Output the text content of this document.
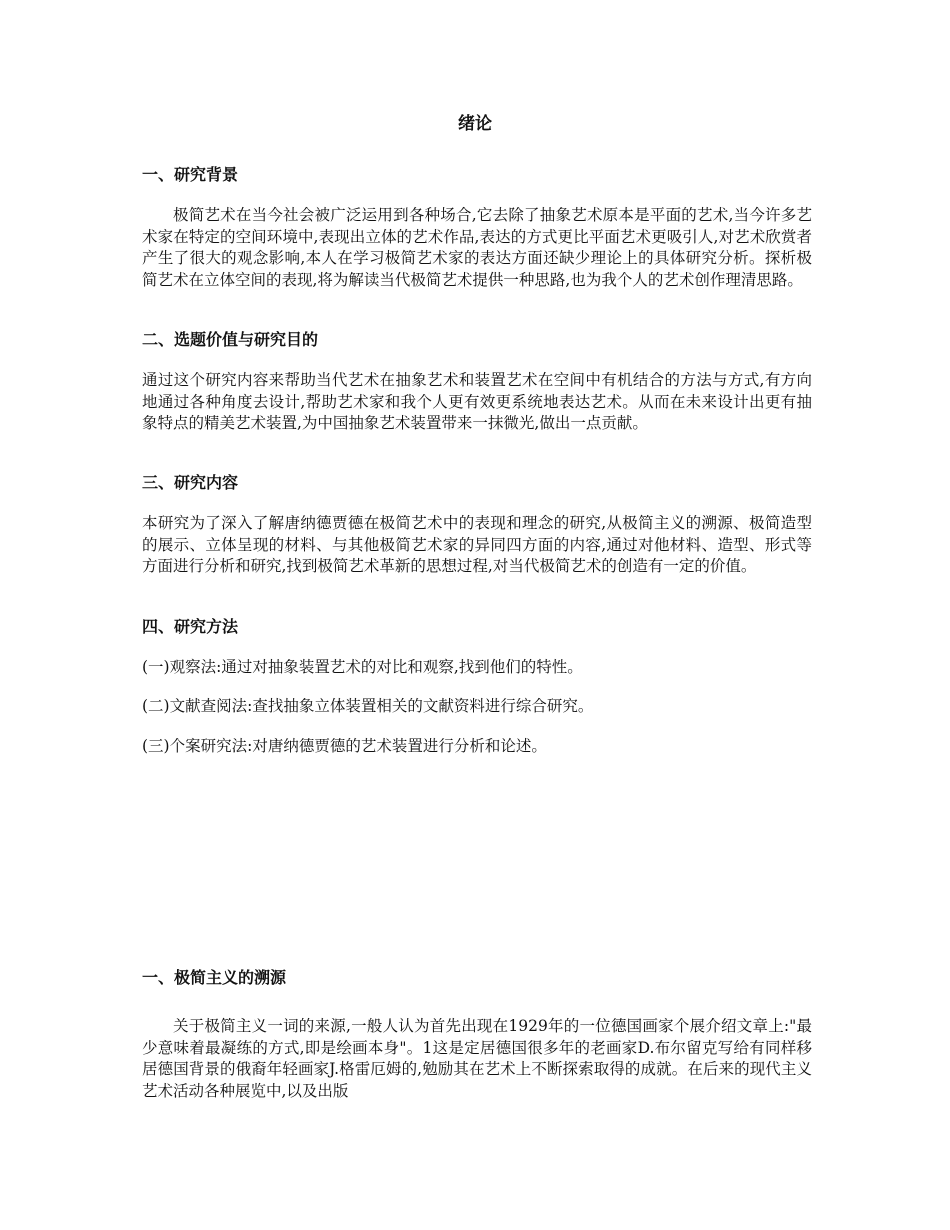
绪论
一、研究背景

极简艺术在当今社会被广泛运用到各种场合,它去除了抽象艺术原本是平面的艺术,当今许多艺术家在特定的空间环境中,表现出立体的艺术作品,表达的方式更比平面艺术更吸引人,对艺术欣赏者产生了很大的观念影响,本人在学习极简艺术家的表达方面还缺少理论上的具体研究分析。探析极简艺术在立体空间的表现,将为解读当代极简艺术提供一种思路,也为我个人的艺术创作理清思路。

二、选题价值与研究目的

通过这个研究内容来帮助当代艺术在抽象艺术和装置艺术在空间中有机结合的方法与方式,有方向地通过各种角度去设计,帮助艺术家和我个人更有效更系统地表达艺术。从而在未来设计出更有抽象特点的精美艺术装置,为中国抽象艺术装置带来一抹微光,做出一点贡献。

三、研究内容

本研究为了深入了解唐纳德贾德在极简艺术中的表现和理念的研究,从极简主义的溯源、极简造型的展示、立体呈现的材料、与其他极简艺术家的异同四方面的内容,通过对他材料、造型、形式等方面进行分析和研究,找到极简艺术革新的思想过程,对当代极简艺术的创造有一定的价值。

四、研究方法
(一)观察法:通过对抽象装置艺术的对比和观察,找到他们的特性。
(二)文献查阅法:查找抽象立体装置相关的文献资料进行综合研究。
(三)个案研究法:对唐纳德贾德的艺术装置进行分析和论述。
一、极简主义的溯源

关于极简主义一词的来源,一般人认为首先出现在1929年的一位德国画家个展介绍文章上:"最少意味着最凝练的方式,即是绘画本身"。1这是定居德国很多年的老画家D.布尔留克写给有同样移居德国背景的俄裔年轻画家J.格雷厄姆的,勉励其在艺术上不断探索取得的成就。在后来的现代主义艺术活动各种展览中,以及出版
